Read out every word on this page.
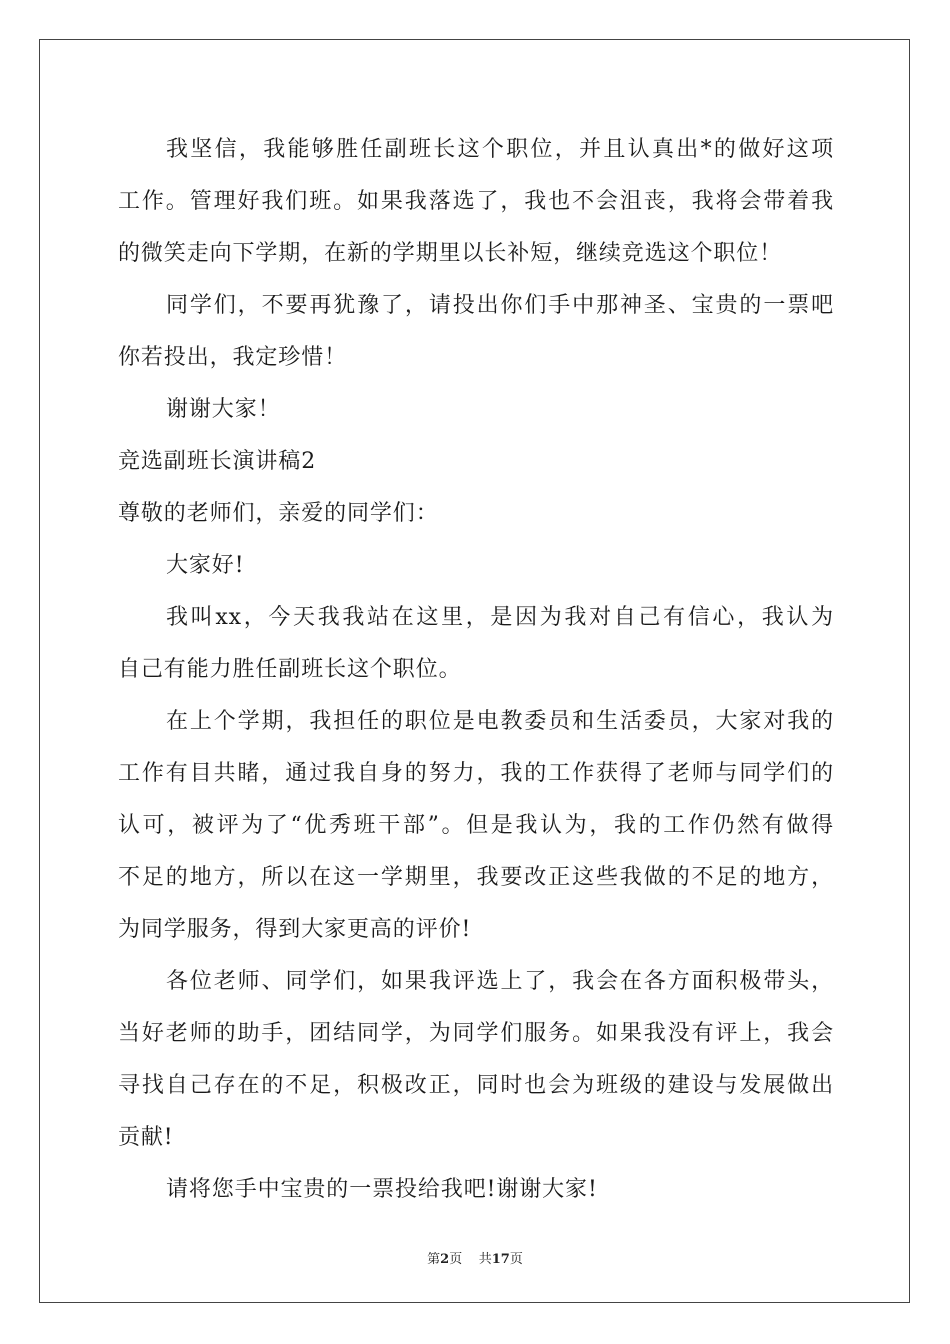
我坚信，我能够胜任副班长这个职位，并且认真出*的做好这项
工作。管理好我们班。如果我落选了，我也不会沮丧，我将会带着我
的微笑走向下学期，在新的学期里以长补短，继续竞选这个职位！
同学们，不要再犹豫了，请投出你们手中那神圣、宝贵的一票吧
你若投出，我定珍惜！
谢谢大家！
竞选副班长演讲稿2
尊敬的老师们，亲爱的同学们：
大家好!
我叫xx，今天我我站在这里，是因为我对自己有信心，我认为
自己有能力胜任副班长这个职位。
在上个学期，我担任的职位是电教委员和生活委员，大家对我的
工作有目共睹，通过我自身的努力，我的工作获得了老师与同学们的
认可，被评为了“优秀班干部”。但是我认为，我的工作仍然有做得
不足的地方，所以在这一学期里，我要改正这些我做的不足的地方，
为同学服务，得到大家更高的评价!
各位老师、同学们，如果我评选上了，我会在各方面积极带头，
当好老师的助手，团结同学，为同学们服务。如果我没有评上，我会
寻找自己存在的不足，积极改正，同时也会为班级的建设与发展做出
贡献!
请将您手中宝贵的一票投给我吧!谢谢大家!
第2页 共17页
